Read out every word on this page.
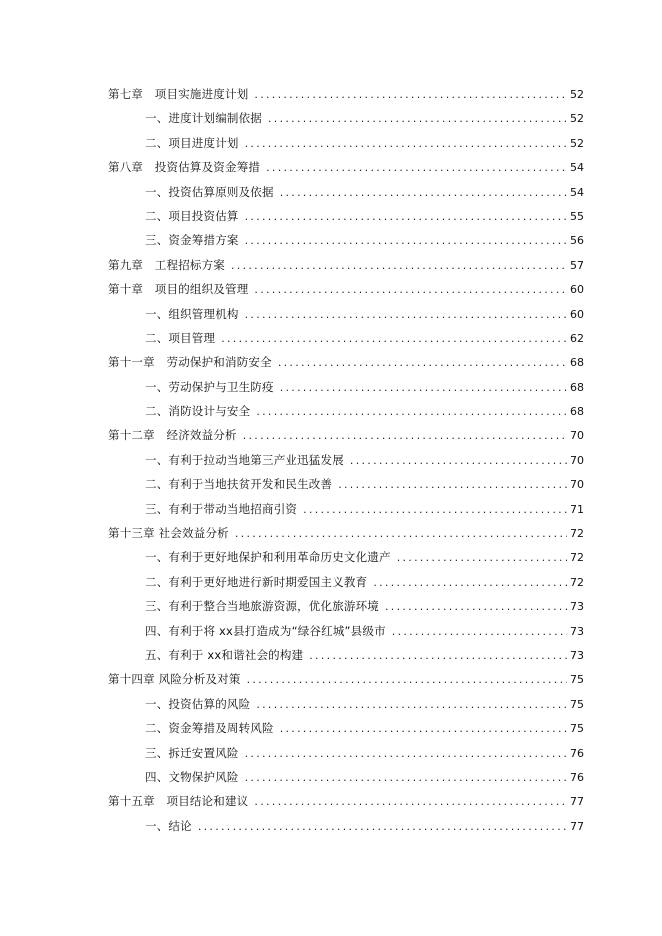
第七章　项目实施进度计划 .....	52
一、进度计划编制依据 .....	52
二、项目进度计划 .....	52
第八章　投资估算及资金筹措 .....	54
一、投资估算原则及依据 .....	54
二、项目投资估算 .....	55
三、资金筹措方案 .....	56
第九章　工程招标方案 .....	57
第十章　项目的组织及管理 .....	60
一、组织管理机构 .....	60
二、项目管理 .....	62
第十一章　劳动保护和消防安全 .....	68
一、劳动保护与卫生防疫 .....	68
二、消防设计与安全 .....	68
第十二章　经济效益分析 .....	70
一、有利于拉动当地第三产业迅猛发展 .....	70
二、有利于当地扶贫开发和民生改善 .....	70
三、有利于带动当地招商引资 .....	71
第十三章 社会效益分析 .....	72
一、有利于更好地保护和利用革命历史文化遗产 .....	72
二、有利于更好地进行新时期爱国主义教育 .....	72
三、有利于整合当地旅游资源，优化旅游环境 .....	73
四、有利于将 xx县打造成为“绿谷红城”县级市 .....	73
五、有利于 xx和谐社会的构建 .....	73
第十四章 风险分析及对策 .....	75
一、投资估算的风险 .....	75
二、资金筹措及周转风险 .....	75
三、拆迁安置风险 .....	76
四、文物保护风险 .....	76
第十五章　项目结论和建议 .....	77
一、结论 .....	77
